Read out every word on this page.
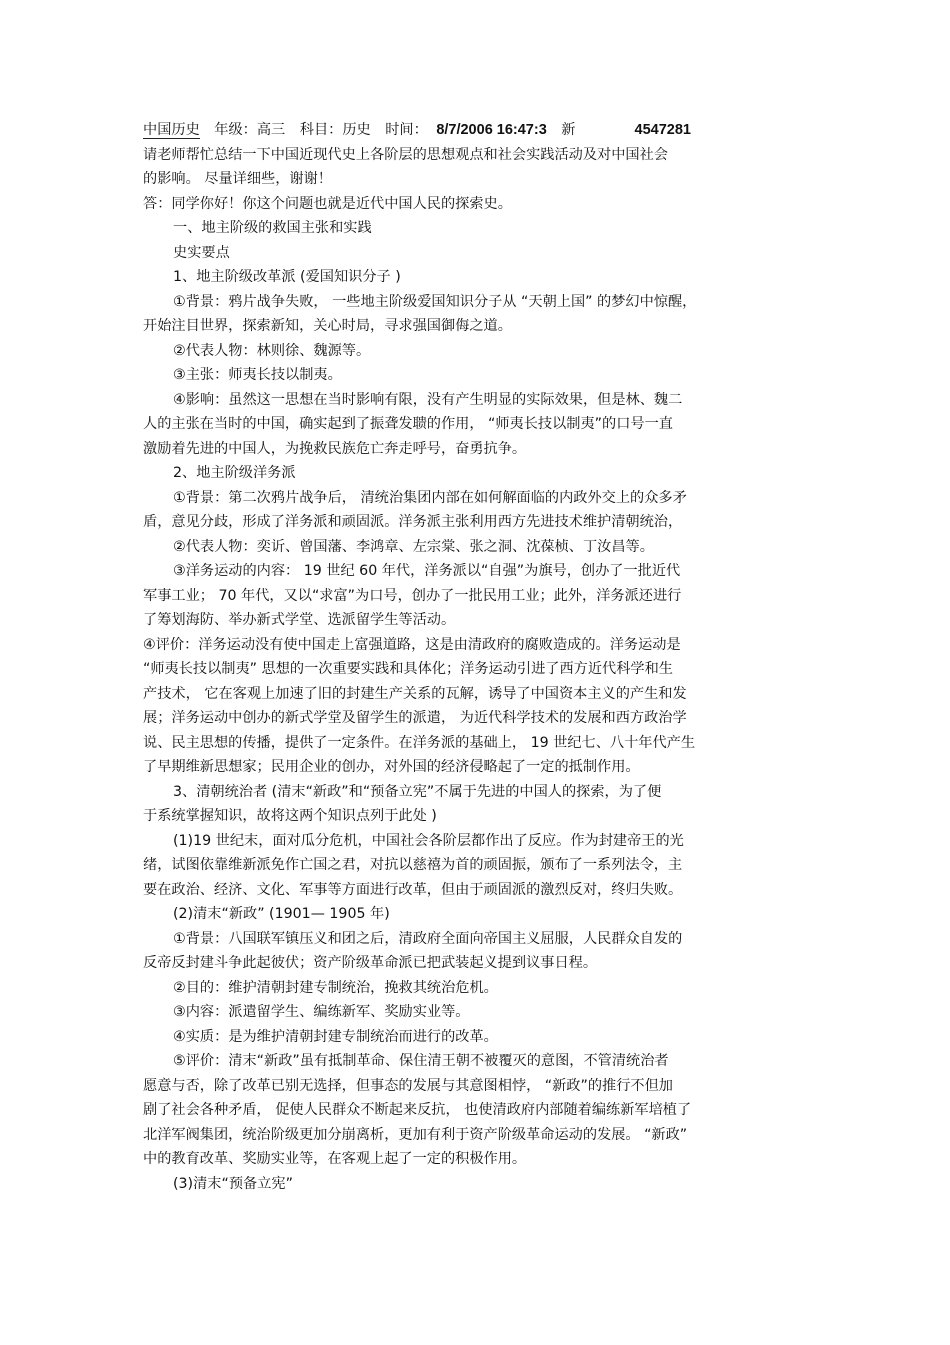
中国历史 年级：高三 科目：历史 时间： 8/7/2006 16:47:3 新	4547281
请老师帮忙总结一下中国近现代史上各阶层的思想观点和社会实践活动及对中国社会
的影响。 尽量详细些，谢谢！
答：同学你好！你这个问题也就是近代中国人民的探索史。
一、地主阶级的救国主张和实践
史实要点
1、地主阶级改革派 (爱国知识分子 )
①背景：鸦片战争失败， 一些地主阶级爱国知识分子从 “天朝上国” 的梦幻中惊醒，
开始注目世界，探索新知，关心时局，寻求强国御侮之道。
②代表人物：林则徐、魏源等。
③主张：师夷长技以制夷。
④影响：虽然这一思想在当时影响有限，没有产生明显的实际效果，但是林、魏二
人的主张在当时的中国，确实起到了振聋发聩的作用， “师夷长技以制夷”的口号一直
激励着先进的中国人，为挽救民族危亡奔走呼号，奋勇抗争。
2、地主阶级洋务派
①背景：第二次鸦片战争后， 清统治集团内部在如何解面临的内政外交上的众多矛
盾，意见分歧，形成了洋务派和顽固派。洋务派主张利用西方先进技术维护清朝统治，
②代表人物：奕䜣、曾国藩、李鸿章、左宗棠、张之洞、沈葆桢、丁汝昌等。
③洋务运动的内容： 19 世纪 60 年代，洋务派以“自强”为旗号，创办了一批近代
军事工业； 70 年代，又以“求富”为口号，创办了一批民用工业；此外，洋务派还进行
了筹划海防、举办新式学堂、选派留学生等活动。
④评价：洋务运动没有使中国走上富强道路，这是由清政府的腐败造成的。洋务运动是
“师夷长技以制夷” 思想的一次重要实践和具体化；洋务运动引进了西方近代科学和生
产技术， 它在客观上加速了旧的封建生产关系的瓦解，诱导了中国资本主义的产生和发
展；洋务运动中创办的新式学堂及留学生的派遣， 为近代科学技术的发展和西方政治学
说、民主思想的传播，提供了一定条件。在洋务派的基础上， 19 世纪七、八十年代产生
了早期维新思想家；民用企业的创办，对外国的经济侵略起了一定的抵制作用。
3、清朝统治者 (清末“新政”和“预备立宪”不属于先进的中国人的探索，为了便
于系统掌握知识，故将这两个知识点列于此处 )
(1)19 世纪末，面对瓜分危机，中国社会各阶层都作出了反应。作为封建帝王的光
绪，试图依靠维新派免作亡国之君，对抗以慈禧为首的顽固振，颁布了一系列法令，主
要在政治、经济、文化、军事等方面进行改革，但由于顽固派的激烈反对，终归失败。
(2)清末“新政” (1901— 1905 年)
①背景：八国联军镇压义和团之后，清政府全面向帝国主义屈服，人民群众自发的
反帝反封建斗争此起彼伏；资产阶级革命派已把武装起义提到议事日程。
②目的：维护清朝封建专制统治，挽救其统治危机。
③内容：派遣留学生、编练新军、奖励实业等。
④实质：是为维护清朝封建专制统治而进行的改革。
⑤评价：清末“新政”虽有抵制革命、保住清王朝不被覆灭的意图，不管清统治者
愿意与否，除了改革已别无选择，但事态的发展与其意图相悖， “新政”的推行不但加
剧了社会各种矛盾， 促使人民群众不断起来反抗， 也使清政府内部随着编练新军培植了
北洋军阀集团，统治阶级更加分崩离析，更加有利于资产阶级革命运动的发展。 “新政”
中的教育改革、奖励实业等，在客观上起了一定的积极作用。
(3)清末“预备立宪”
